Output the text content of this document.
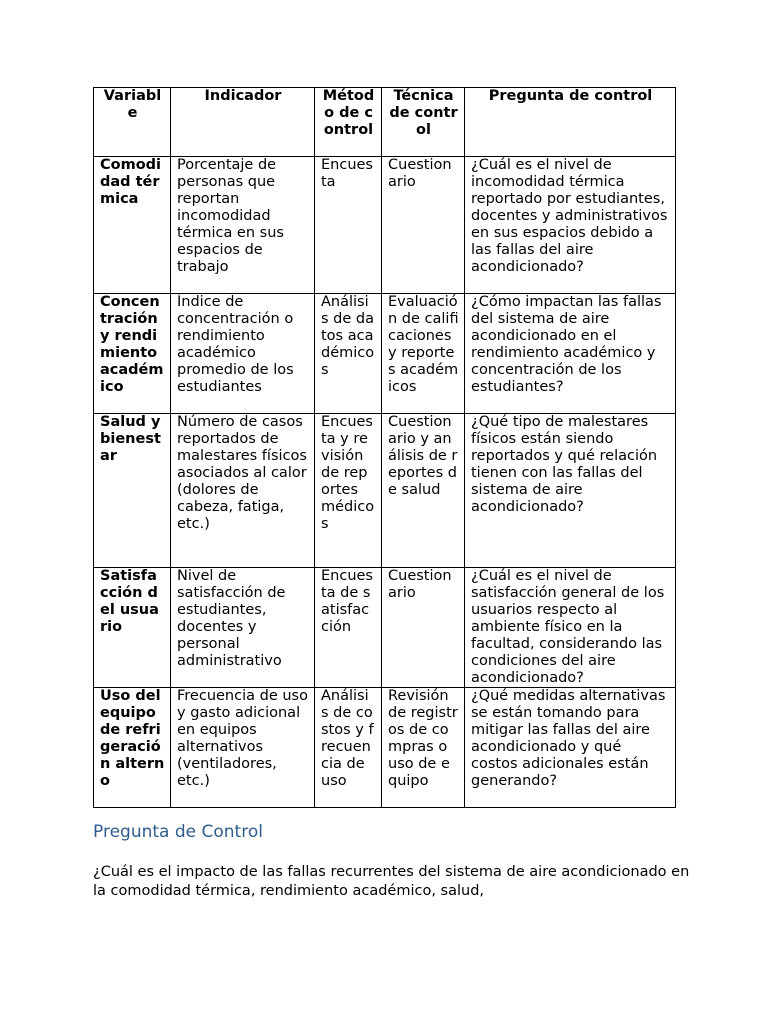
Variable	Indicador	Método de control	Técnica de control	Pregunta de control
Comodidad térmica	Porcentaje de personas que reportan incomodidad térmica en sus espacios de trabajo	Encuesta	Cuestionario	¿Cuál es el nivel de incomodidad térmica reportado por estudiantes, docentes y administrativos en sus espacios debido a las fallas del aire acondicionado?
Concentración y rendimiento académico	Índice de concentración o rendimiento académico promedio de los estudiantes	Análisis de datos académicos	Evaluación de calificaciones y reportes académicos	¿Cómo impactan las fallas del sistema de aire acondicionado en el rendimiento académico y concentración de los estudiantes?
Salud y bienestar	Número de casos reportados de malestares físicos asociados al calor (dolores de cabeza, fatiga, etc.)	Encuesta y revisión de reportes médicos	Cuestionario y análisis de reportes de salud	¿Qué tipo de malestares físicos están siendo reportados y qué relación tienen con las fallas del sistema de aire acondicionado?
Satisfacción del usuario	Nivel de satisfacción de estudiantes, docentes y personal administrativo	Encuesta de satisfacción	Cuestionario	¿Cuál es el nivel de satisfacción general de los usuarios respecto al ambiente físico en la facultad, considerando las condiciones del aire acondicionado?
Uso del equipo de refrigeración alterno	Frecuencia de uso y gasto adicional en equipos alternativos (ventiladores, etc.)	Análisis de costos y frecuencia de uso	Revisión de registros de compras o uso de equipo	¿Qué medidas alternativas se están tomando para mitigar las fallas del aire acondicionado y qué costos adicionales están generando?
Pregunta de Control

¿Cuál es el impacto de las fallas recurrentes del sistema de aire acondicionado en la comodidad térmica, rendimiento académico, salud,
